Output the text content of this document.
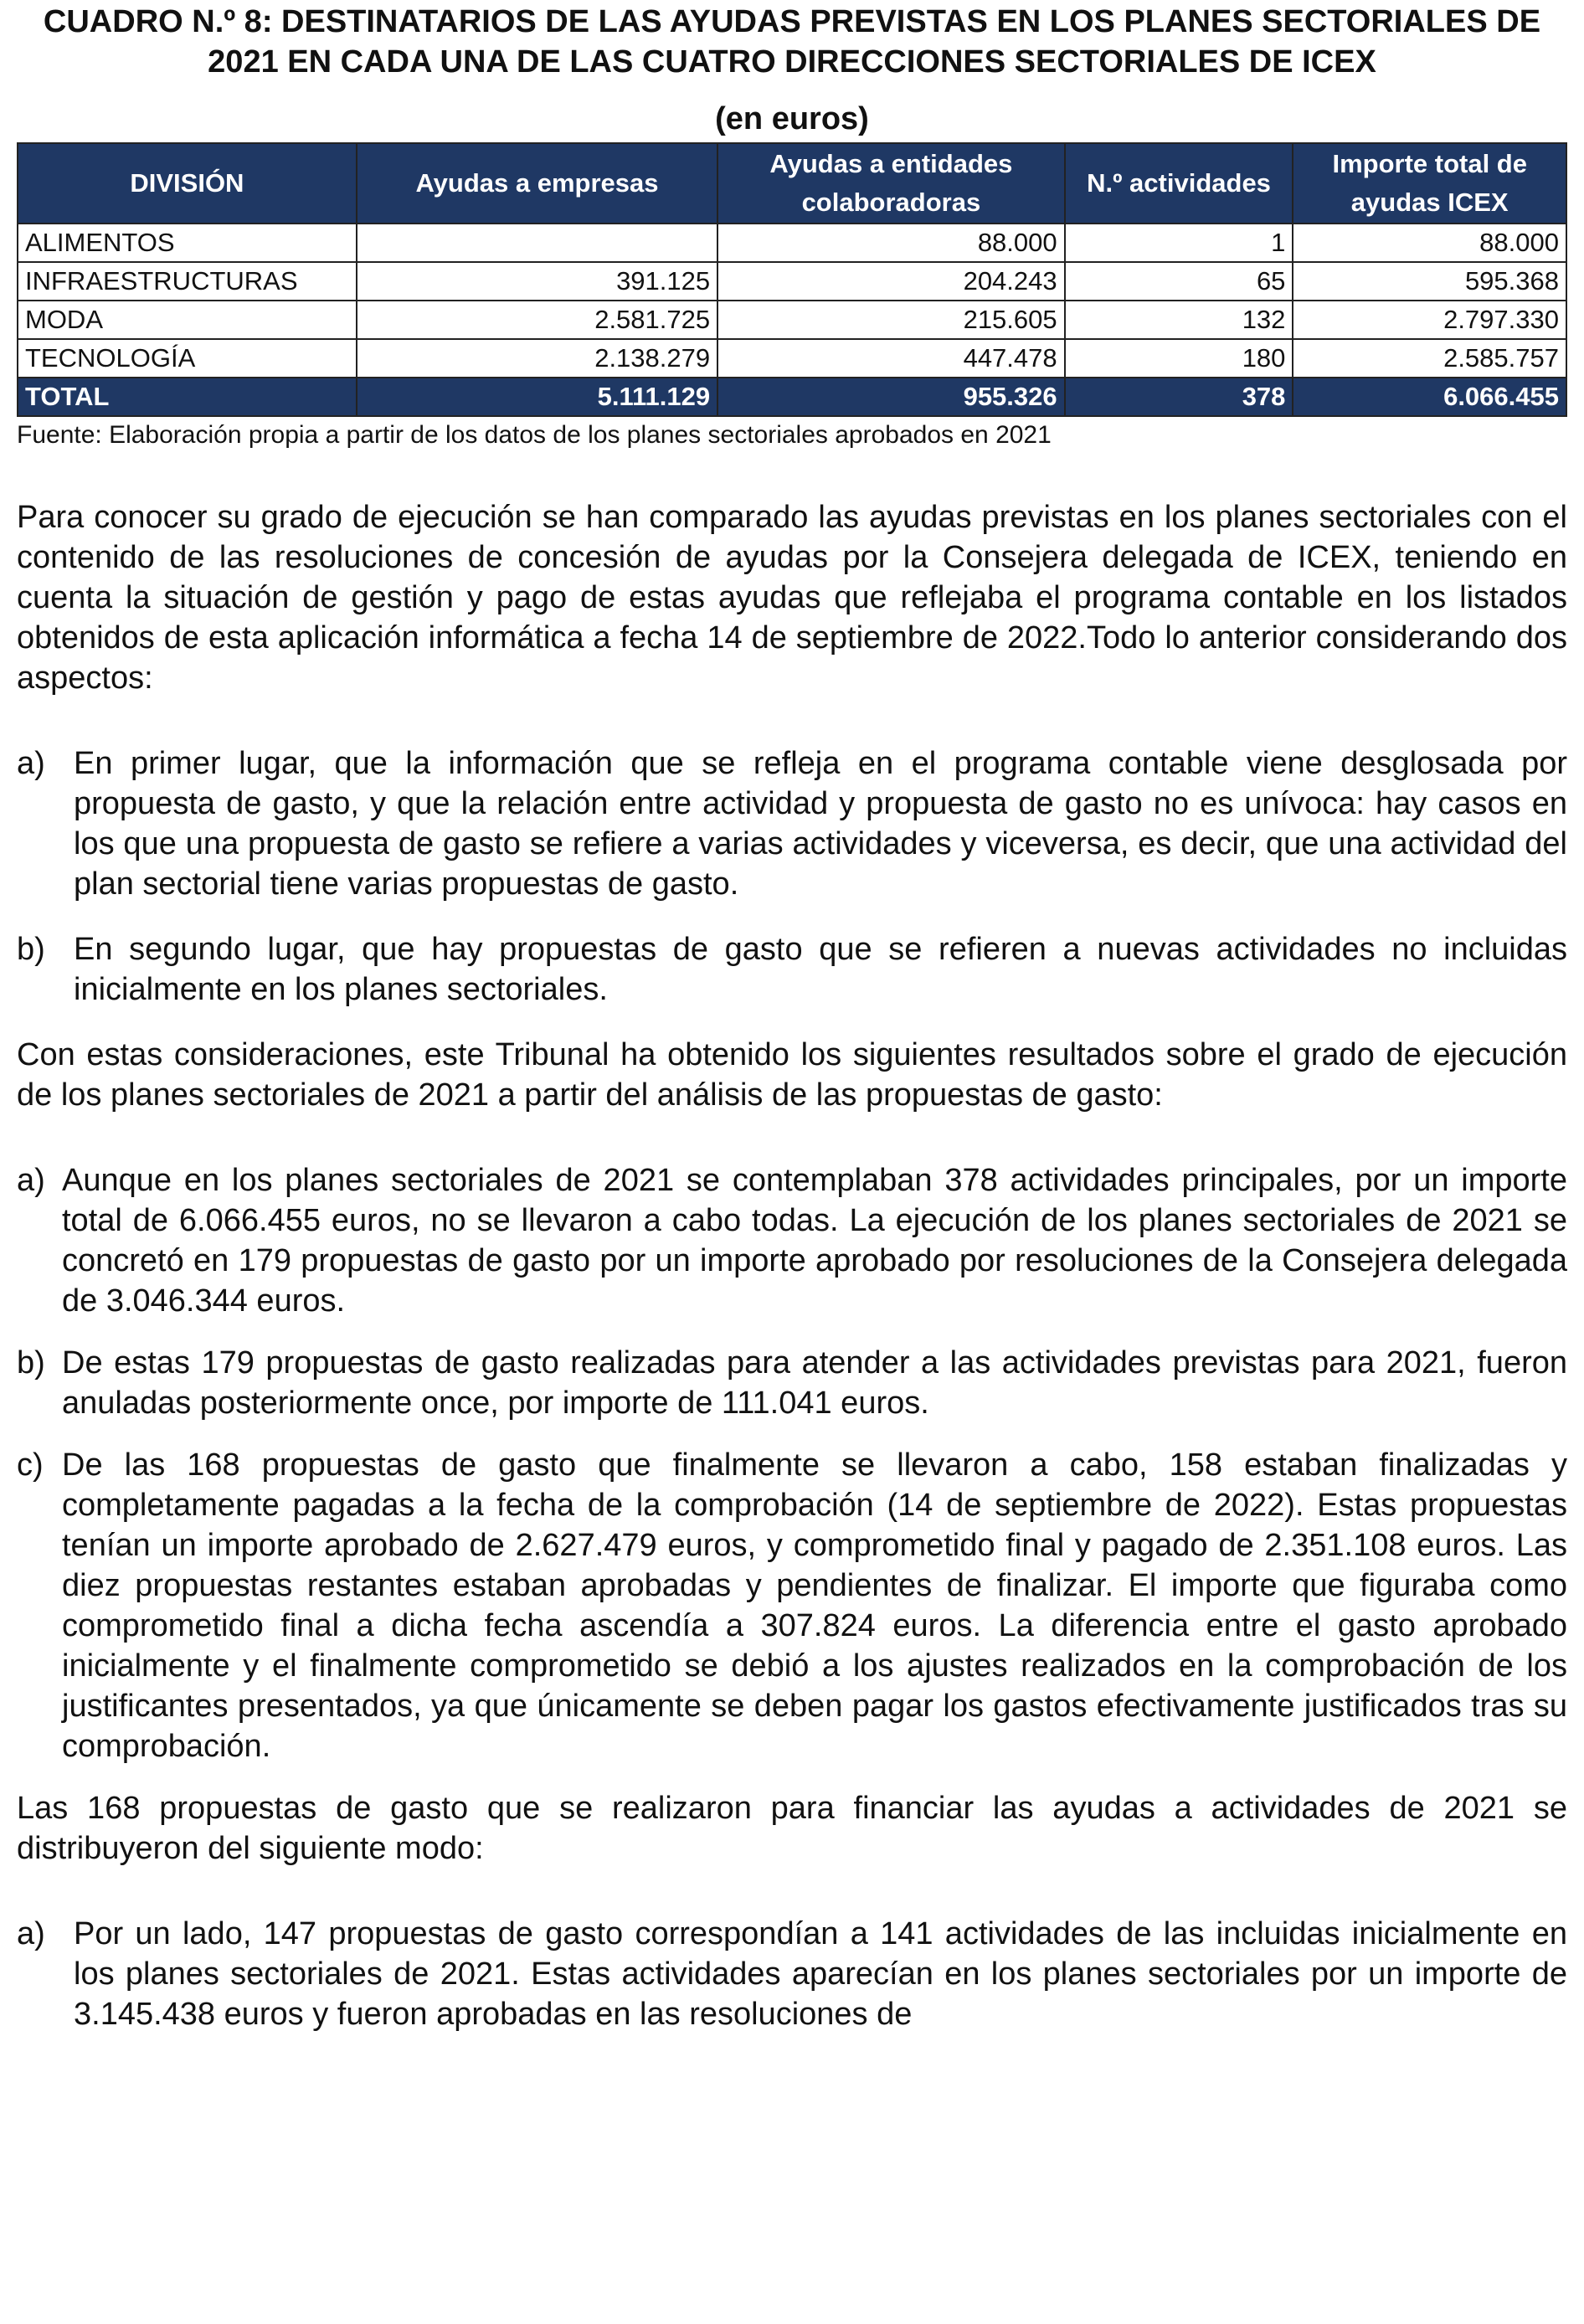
CUADRO N.º 8: DESTINATARIOS DE LAS AYUDAS PREVISTAS EN LOS PLANES SECTORIALES DE 2021 EN CADA UNA DE LAS CUATRO DIRECCIONES SECTORIALES DE ICEX
(en euros)
DIVISIÓN	Ayudas a empresas	Ayudas a entidades colaboradoras	N.º actividades	Importe total de ayudas ICEX
ALIMENTOS		88.000	1	88.000
INFRAESTRUCTURAS	391.125	204.243	65	595.368
MODA	2.581.725	215.605	132	2.797.330
TECNOLOGÍA	2.138.279	447.478	180	2.585.757
TOTAL	5.111.129	955.326	378	6.066.455
Fuente: Elaboración propia a partir de los datos de los planes sectoriales aprobados en 2021

Para conocer su grado de ejecución se han comparado las ayudas previstas en los planes sectoriales con el contenido de las resoluciones de concesión de ayudas por la Consejera delegada de ICEX, teniendo en cuenta la situación de gestión y pago de estas ayudas que reflejaba el programa contable en los listados obtenidos de esta aplicación informática a fecha 14 de septiembre de 2022.Todo lo anterior considerando dos aspectos:

a) En primer lugar, que la información que se refleja en el programa contable viene desglosada por propuesta de gasto, y que la relación entre actividad y propuesta de gasto no es unívoca: hay casos en los que una propuesta de gasto se refiere a varias actividades y viceversa, es decir, que una actividad del plan sectorial tiene varias propuestas de gasto.
b) En segundo lugar, que hay propuestas de gasto que se refieren a nuevas actividades no incluidas inicialmente en los planes sectoriales.

Con estas consideraciones, este Tribunal ha obtenido los siguientes resultados sobre el grado de ejecución de los planes sectoriales de 2021 a partir del análisis de las propuestas de gasto:

a) Aunque en los planes sectoriales de 2021 se contemplaban 378 actividades principales, por un importe total de 6.066.455 euros, no se llevaron a cabo todas. La ejecución de los planes sectoriales de 2021 se concretó en 179 propuestas de gasto por un importe aprobado por resoluciones de la Consejera delegada de 3.046.344 euros.
b) De estas 179 propuestas de gasto realizadas para atender a las actividades previstas para 2021, fueron anuladas posteriormente once, por importe de 111.041 euros.
c) De las 168 propuestas de gasto que finalmente se llevaron a cabo, 158 estaban finalizadas y completamente pagadas a la fecha de la comprobación (14 de septiembre de 2022). Estas propuestas tenían un importe aprobado de 2.627.479 euros, y comprometido final y pagado de 2.351.108 euros. Las diez propuestas restantes estaban aprobadas y pendientes de finalizar. El importe que figuraba como comprometido final a dicha fecha ascendía a 307.824 euros. La diferencia entre el gasto aprobado inicialmente y el finalmente comprometido se debió a los ajustes realizados en la comprobación de los justificantes presentados, ya que únicamente se deben pagar los gastos efectivamente justificados tras su comprobación.

Las 168 propuestas de gasto que se realizaron para financiar las ayudas a actividades de 2021 se distribuyeron del siguiente modo:

a) Por un lado, 147 propuestas de gasto correspondían a 141 actividades de las incluidas inicialmente en los planes sectoriales de 2021. Estas actividades aparecían en los planes sectoriales por un importe de 3.145.438 euros y fueron aprobadas en las resoluciones de
